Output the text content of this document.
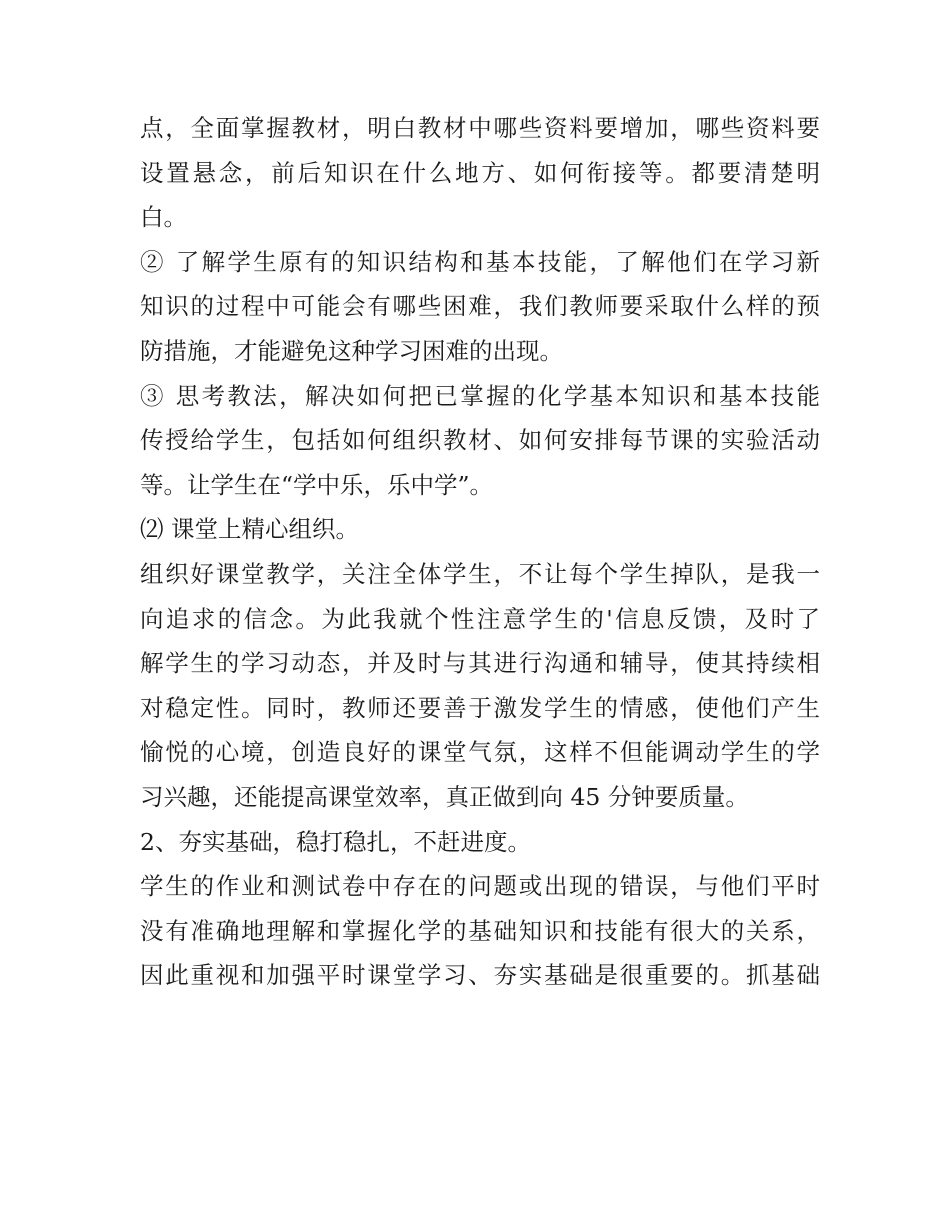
点，全面掌握教材，明白教材中哪些资料要增加，哪些资料要
设置悬念，前后知识在什么地方、如何衔接等。都要清楚明
白。
② 了解学生原有的知识结构和基本技能，了解他们在学习新
知识的过程中可能会有哪些困难，我们教师要采取什么样的预
防措施，才能避免这种学习困难的出现。
③ 思考教法，解决如何把已掌握的化学基本知识和基本技能
传授给学生，包括如何组织教材、如何安排每节课的实验活动
等。让学生在“学中乐，乐中学”。
⑵ 课堂上精心组织。
组织好课堂教学，关注全体学生，不让每个学生掉队，是我一
向追求的信念。为此我就个性注意学生的'信息反馈，及时了
解学生的学习动态，并及时与其进行沟通和辅导，使其持续相
对稳定性。同时，教师还要善于激发学生的情感，使他们产生
愉悦的心境，创造良好的课堂气氛，这样不但能调动学生的学
习兴趣，还能提高课堂效率，真正做到向 45 分钟要质量。
2、夯实基础，稳打稳扎，不赶进度。
学生的作业和测试卷中存在的问题或出现的错误，与他们平时
没有准确地理解和掌握化学的基础知识和技能有很大的关系，
因此重视和加强平时课堂学习、夯实基础是很重要的。抓基础
